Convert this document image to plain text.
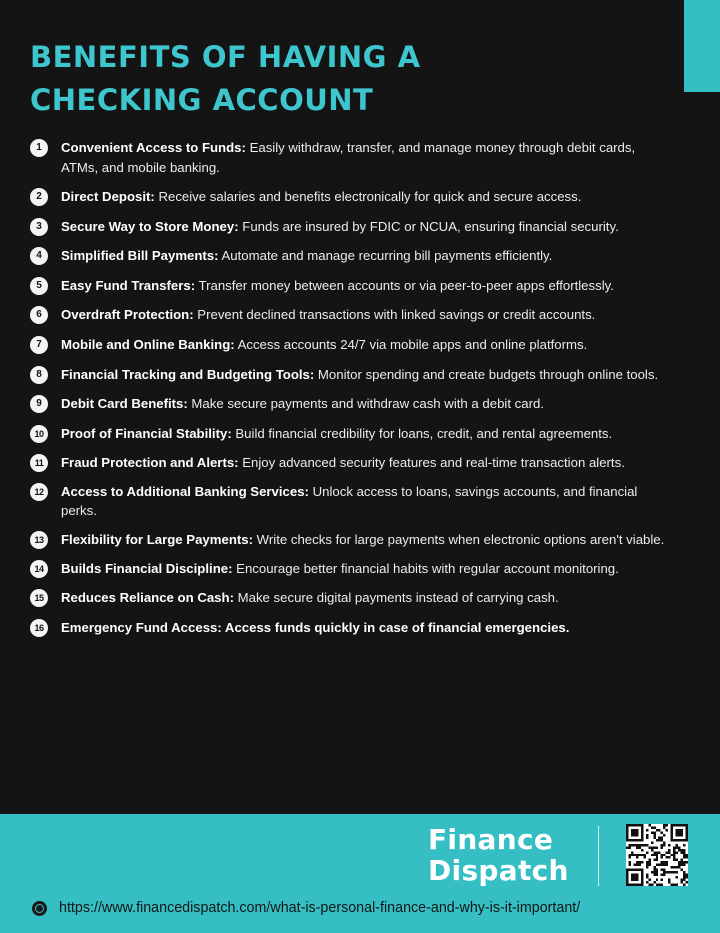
BENEFITS OF HAVING A
CHECKING ACCOUNT
1	Convenient Access to Funds: Easily withdraw, transfer, and manage money through debit cards, ATMs, and mobile banking.
2	Direct Deposit: Receive salaries and benefits electronically for quick and secure access.
3	Secure Way to Store Money: Funds are insured by FDIC or NCUA, ensuring financial security.
4	Simplified Bill Payments: Automate and manage recurring bill payments efficiently.
5	Easy Fund Transfers: Transfer money between accounts or via peer-to-peer apps effortlessly.
6	Overdraft Protection: Prevent declined transactions with linked savings or credit accounts.
7	Mobile and Online Banking: Access accounts 24/7 via mobile apps and online platforms.
8	Financial Tracking and Budgeting Tools: Monitor spending and create budgets through online tools.
9	Debit Card Benefits: Make secure payments and withdraw cash with a debit card.
10	Proof of Financial Stability: Build financial credibility for loans, credit, and rental agreements.
11	Fraud Protection and Alerts: Enjoy advanced security features and real-time transaction alerts.
12	Access to Additional Banking Services: Unlock access to loans, savings accounts, and financial perks.
13	Flexibility for Large Payments: Write checks for large payments when electronic options aren't viable.
14	Builds Financial Discipline: Encourage better financial habits with regular account monitoring.
15	Reduces Reliance on Cash: Make secure digital payments instead of carrying cash.
16	Emergency Fund Access: Access funds quickly in case of financial emergencies.
Finance
Dispatch
https://www.financedispatch.com/what-is-personal-finance-and-why-is-it-important/
